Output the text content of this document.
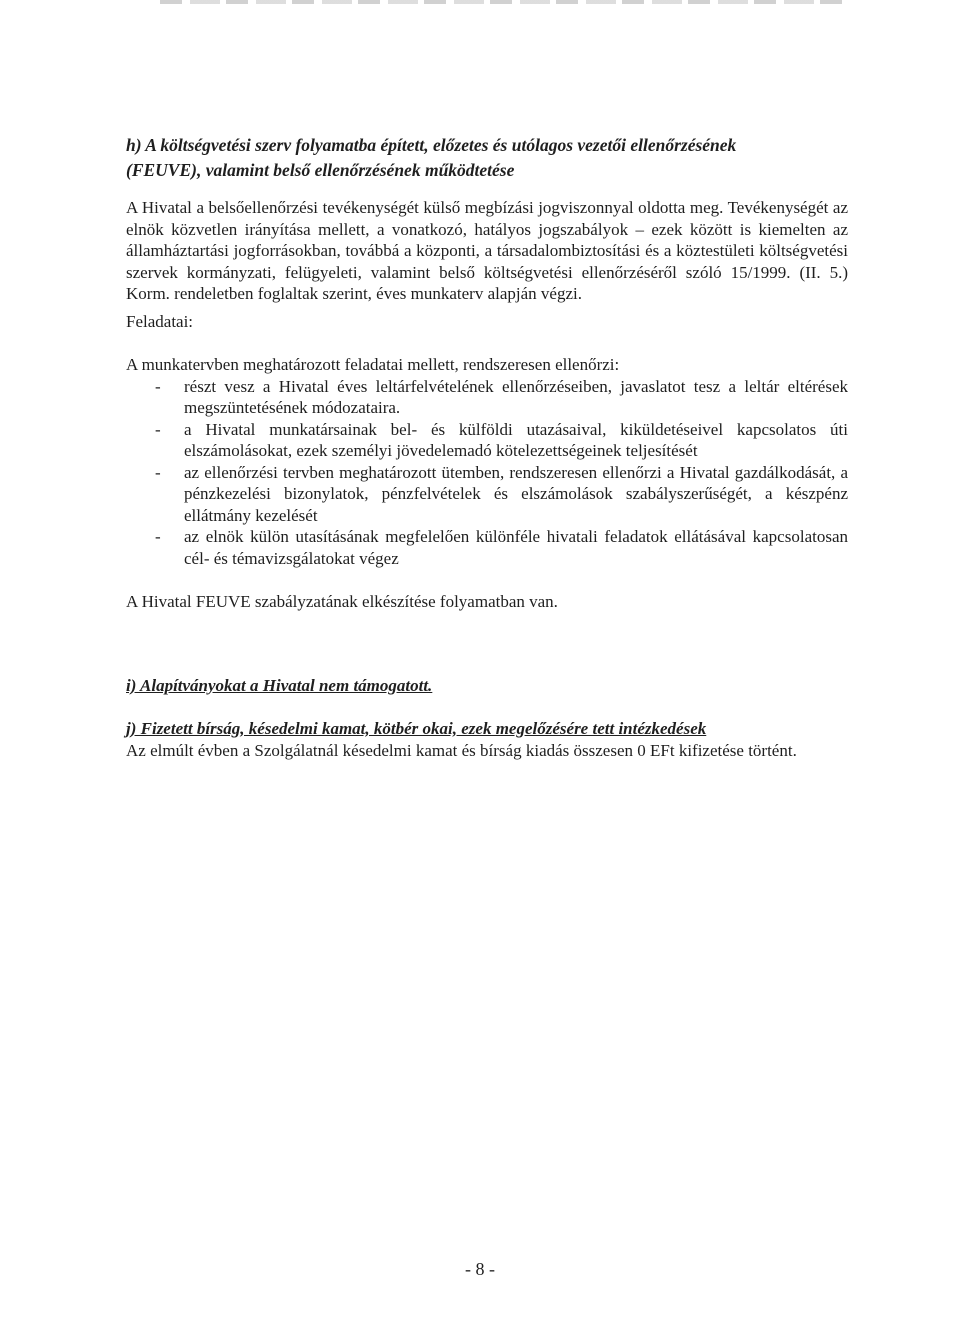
h) A költségvetési szerv folyamatba épített, előzetes és utólagos vezetői ellenőrzésének

(FEUVE), valamint belső ellenőrzésének működtetése

A Hivatal a belsőellenőrzési tevékenységét külső megbízási jogviszonnyal oldotta meg. Tevékenységét az elnök közvetlen irányítása mellett, a vonatkozó, hatályos jogszabályok – ezek között is kiemelten az államháztartási jogforrásokban, továbbá a központi, a társadalombiztosítási és a köztestületi költségvetési szervek kormányzati, felügyeleti, valamint belső költségvetési ellenőrzéséről szóló 15/1999. (II. 5.) Korm. rendeletben foglaltak szerint, éves munkaterv alapján végzi.

Feladatai:

A munkatervben meghatározott feladatai mellett, rendszeresen ellenőrzi:

- részt vesz a Hivatal éves leltárfelvételének ellenőrzéseiben, javaslatot tesz a leltár eltérések megszüntetésének módozataira.
- a Hivatal munkatársainak bel- és külföldi utazásaival, kiküldetéseivel kapcsolatos úti elszámolásokat, ezek személyi jövedelemadó kötelezettségeinek teljesítését
- az ellenőrzési tervben meghatározott ütemben, rendszeresen ellenőrzi a Hivatal gazdálkodását, a pénzkezelési bizonylatok, pénzfelvételek és elszámolások szabályszerűségét, a készpénz ellátmány kezelését
- az elnök külön utasításának megfelelően különféle hivatali feladatok ellátásával kapcsolatosan cél- és témavizsgálatokat végez

A Hivatal FEUVE szabályzatának elkészítése folyamatban van.

i) Alapítványokat a Hivatal nem támogatott.

j) Fizetett bírság, késedelmi kamat, kötbér okai, ezek megelőzésére tett intézkedések

Az elmúlt évben a Szolgálatnál késedelmi kamat és bírság kiadás összesen 0 EFt kifizetése történt.

- 8 -
